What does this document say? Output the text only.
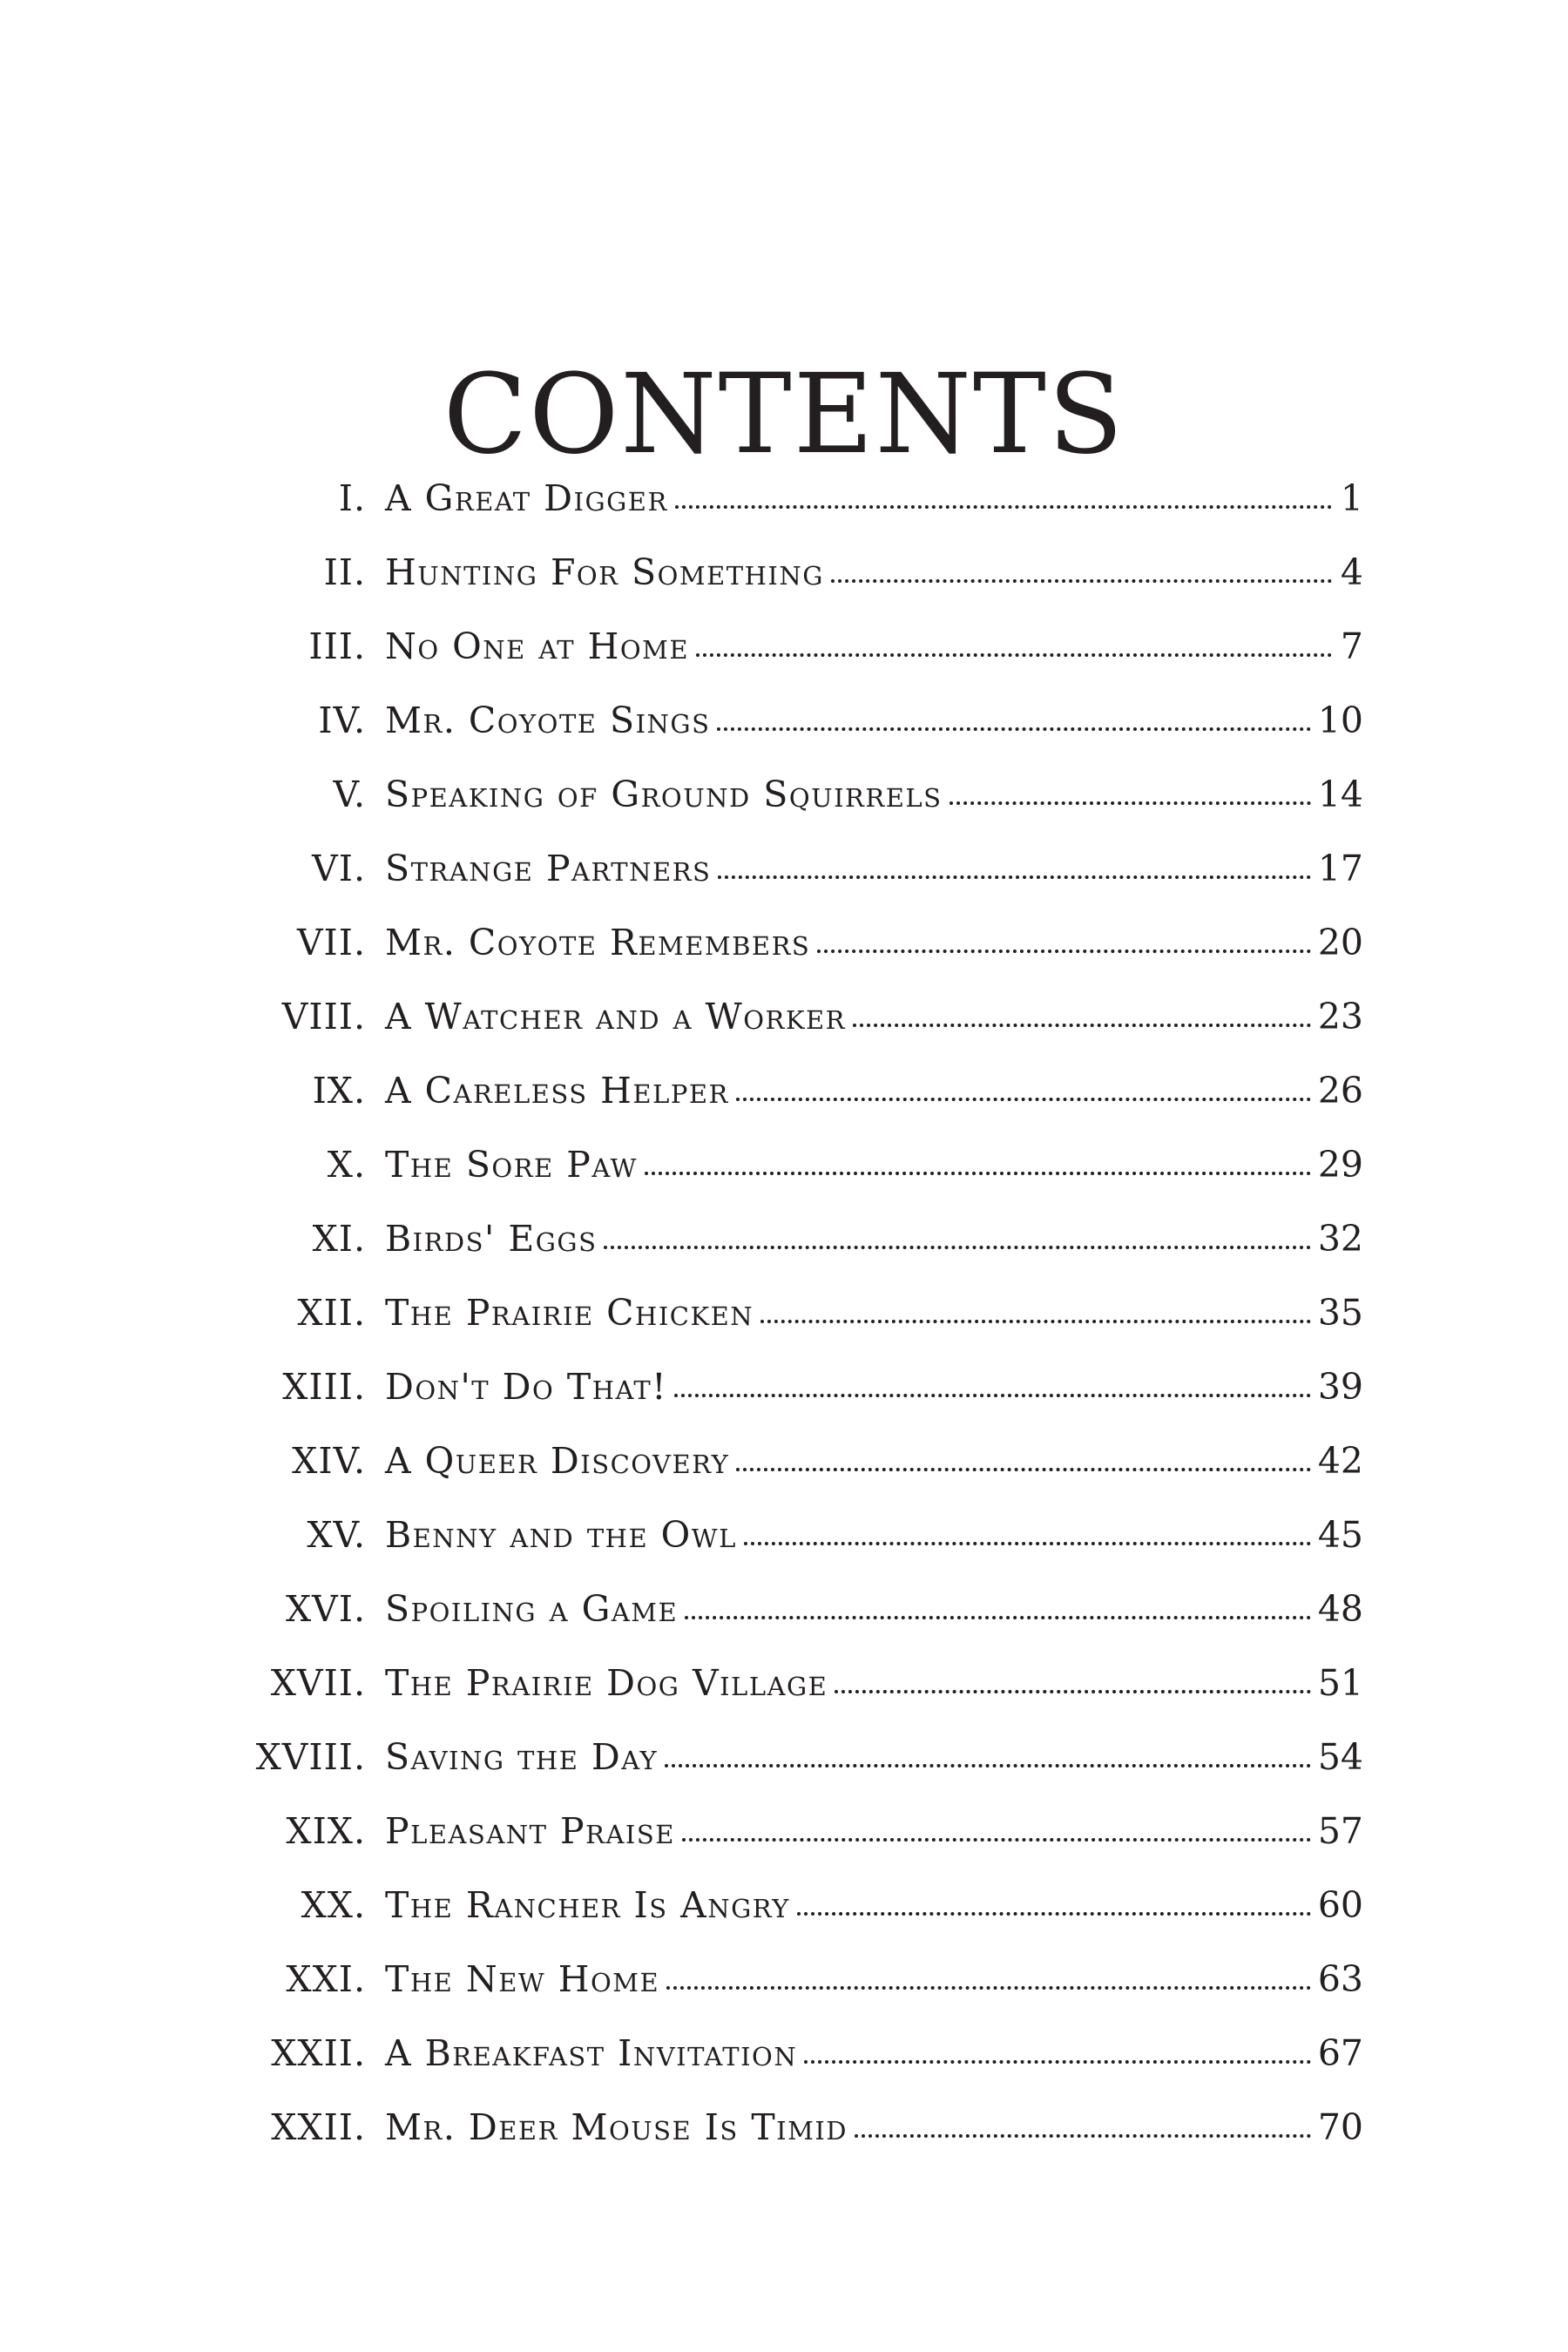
CONTENTS
I. A Great Digger	1
II. Hunting For Something	4
III. No One at Home	7
IV. Mr. Coyote Sings	10
V. Speaking of Ground Squirrels	14
VI. Strange Partners	17
VII. Mr. Coyote Remembers	20
VIII. A Watcher and a Worker	23
IX. A Careless Helper	26
X. The Sore Paw	29
XI. Birds' Eggs	32
XII. The Prairie Chicken	35
XIII. Don't Do That!	39
XIV. A Queer Discovery	42
XV. Benny and the Owl	45
XVI. Spoiling a Game	48
XVII. The Prairie Dog Village	51
XVIII. Saving the Day	54
XIX. Pleasant Praise	57
XX. The Rancher Is Angry	60
XXI. The New Home	63
XXII. A Breakfast Invitation	67
XXII. Mr. Deer Mouse Is Timid	70
